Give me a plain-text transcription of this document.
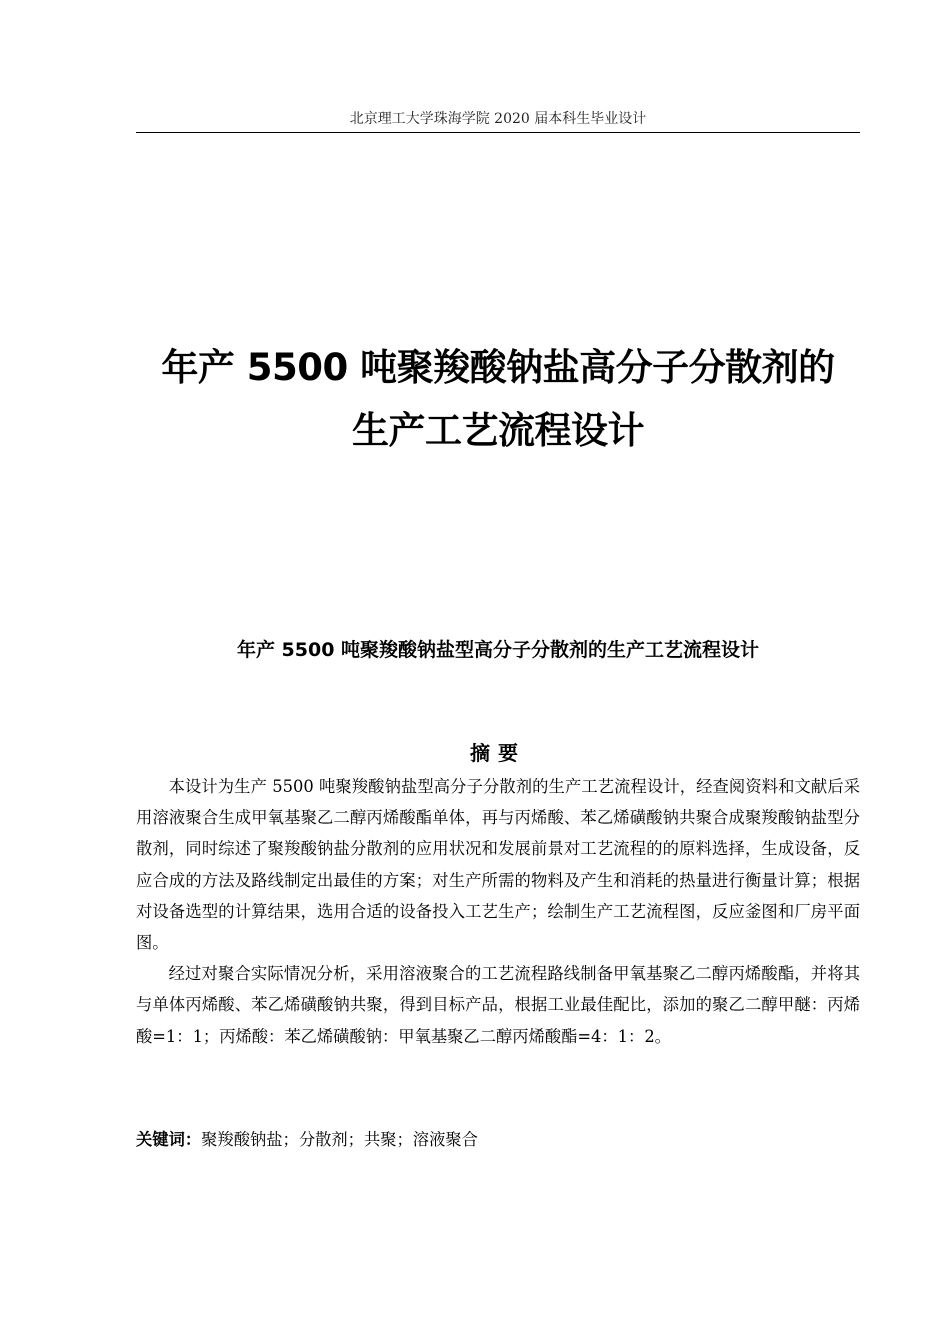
北京理工大学珠海学院 2020 届本科生毕业设计
年产 5500 吨聚羧酸钠盐高分子分散剂的
生产工艺流程设计
年产 5500 吨聚羧酸钠盐型高分子分散剂的生产工艺流程设计
摘要

本设计为生产 5500 吨聚羧酸钠盐型高分子分散剂的生产工艺流程设计，经查阅资料和文献后采用溶液聚合生成甲氧基聚乙二醇丙烯酸酯单体，再与丙烯酸、苯乙烯磺酸钠共聚合成聚羧酸钠盐型分散剂，同时综述了聚羧酸钠盐分散剂的应用状况和发展前景对工艺流程的的原料选择，生成设备，反应合成的方法及路线制定出最佳的方案；对生产所需的物料及产生和消耗的热量进行衡量计算；根据对设备选型的计算结果，选用合适的设备投入工艺生产；绘制生产工艺流程图，反应釜图和厂房平面图。

经过对聚合实际情况分析，采用溶液聚合的工艺流程路线制备甲氧基聚乙二醇丙烯酸酯，并将其与单体丙烯酸、苯乙烯磺酸钠共聚，得到目标产品，根据工业最佳配比，添加的聚乙二醇甲醚：丙烯酸=1：1；丙烯酸：苯乙烯磺酸钠：甲氧基聚乙二醇丙烯酸酯=4：1：2。

关键词：聚羧酸钠盐；分散剂；共聚；溶液聚合
